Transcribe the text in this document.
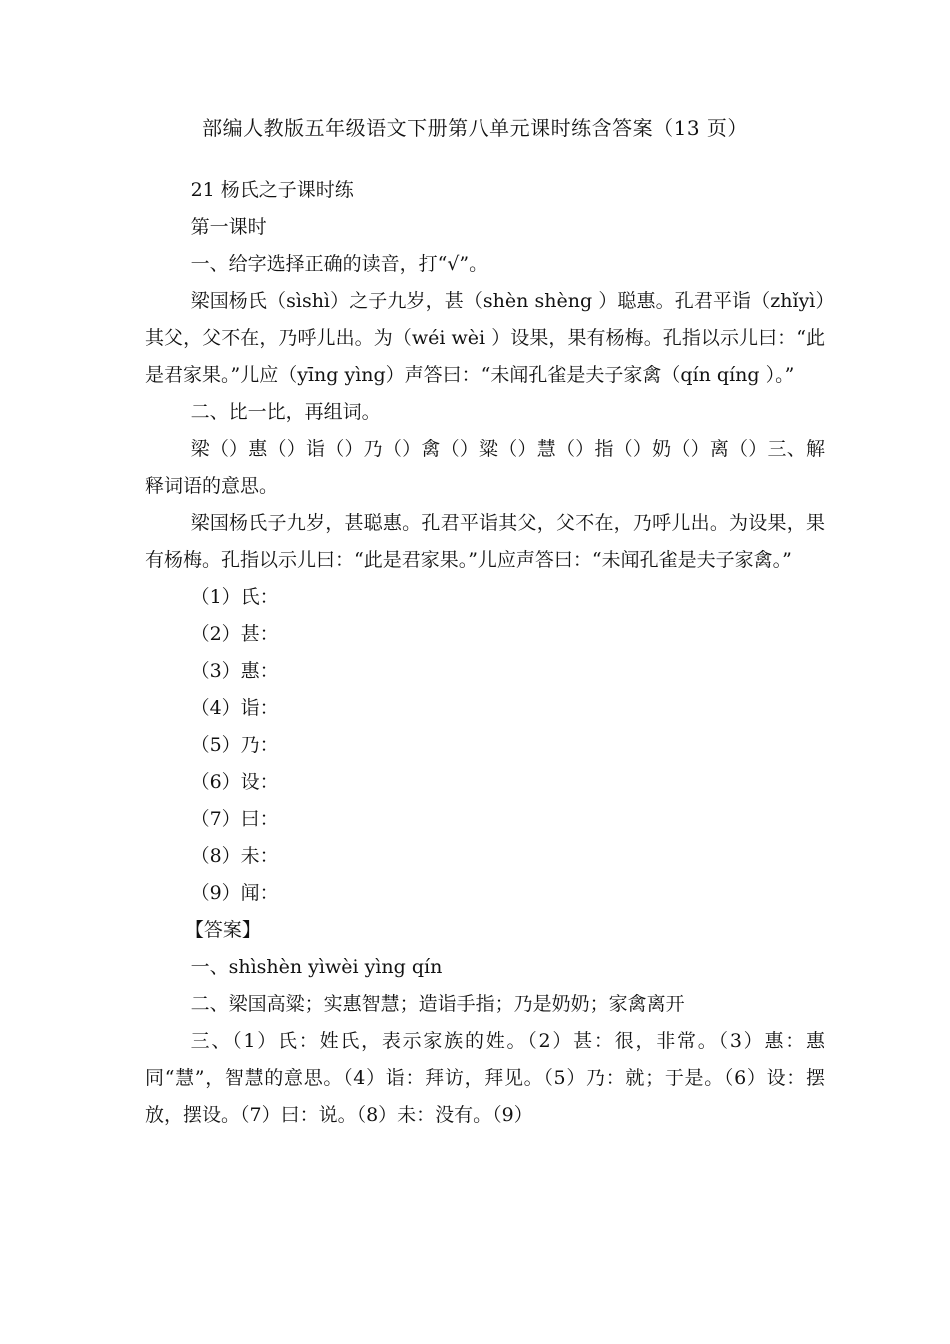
部编人教版五年级语文下册第八单元课时练含答案（13 页）

21 杨氏之子课时练

第一课时

一、给字选择正确的读音，打“√”。

梁国杨氏（sìshì）之子九岁，甚（shèn shèng ）聪惠。孔君平诣（zhǐyì）其父，父不在，乃呼儿出。为（wéi wèi ）设果，果有杨梅。孔指以示儿曰：“此是君家果。”儿应（yīng yìng）声答曰：“未闻孔雀是夫子家禽（qín qíng ）。”

二、比一比，再组词。

梁（）惠（）诣（）乃（）禽（）粱（）慧（）指（）奶（）离（）三、解释词语的意思。

梁国杨氏子九岁，甚聪惠。孔君平诣其父，父不在，乃呼儿出。为设果，果有杨梅。孔指以示儿曰：“此是君家果。”儿应声答曰：“未闻孔雀是夫子家禽。”

（1）氏：

（2）甚：

（3）惠：

（4）诣：

（5）乃：

（6）设：

（7）曰：

（8）未：

（9）闻：

【答案】

一、shìshèn yìwèi yìng qín

二、梁国高粱；实惠智慧；造诣手指；乃是奶奶；家禽离开

三、（1）氏：姓氏，表示家族的姓。（2）甚：很，非常。（3）惠：惠同“慧”，智慧的意思。（4）诣：拜访，拜见。（5）乃：就；于是。（6）设：摆放，摆设。（7）曰：说。（8）未：没有。（9）
